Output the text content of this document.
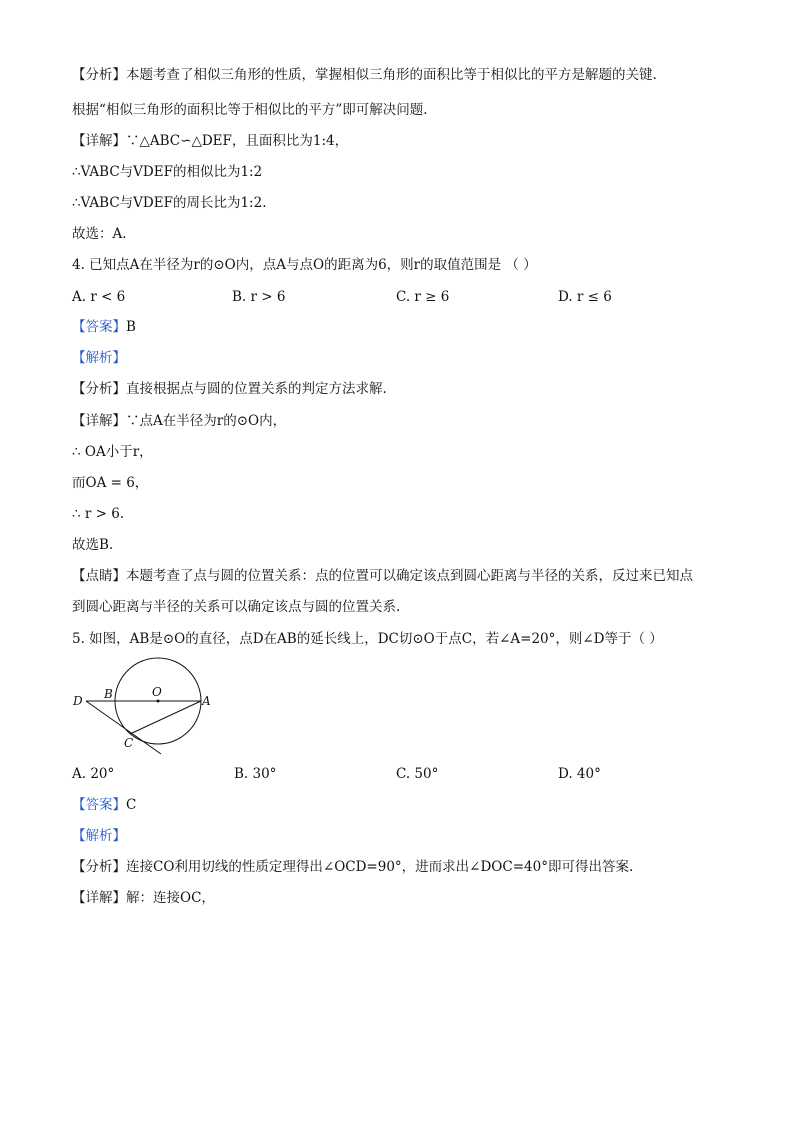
【分析】本题考查了相似三角形的性质，掌握相似三角形的面积比等于相似比的平方是解题的关键.
根据“相似三角形的面积比等于相似比的平方”即可解决问题.
【详解】∵△ABC∽△DEF，且面积比为1:4，
∴VABC与VDEF的相似比为1:2
∴VABC与VDEF的周长比为1:2.
故选：A.
4. 已知点A在半径为r的⊙O内，点A与点O的距离为6，则r的取值范围是 （ ）
A. r < 6	B. r > 6	C. r ≥ 6	D. r ≤ 6
【答案】B
【解析】
【分析】直接根据点与圆的位置关系的判定方法求解.
【详解】∵点A在半径为r的⊙O内，
∴ OA小于r，
而OA = 6，
∴ r > 6.
故选B.
【点睛】本题考查了点与圆的位置关系：点的位置可以确定该点到圆心距离与半径的关系，反过来已知点
到圆心距离与半径的关系可以确定该点与圆的位置关系.
5. 如图，AB是⊙O的直径，点D在AB的延长线上，DC切⊙O于点C，若∠A=20°，则∠D等于（ ）
D B	O
A
C
A. 20°	B. 30°	C. 50°	D. 40°
【答案】C
【解析】
【分析】连接CO利用切线的性质定理得出∠OCD=90°，进而求出∠DOC=40°即可得出答案.
【详解】解：连接OC，
